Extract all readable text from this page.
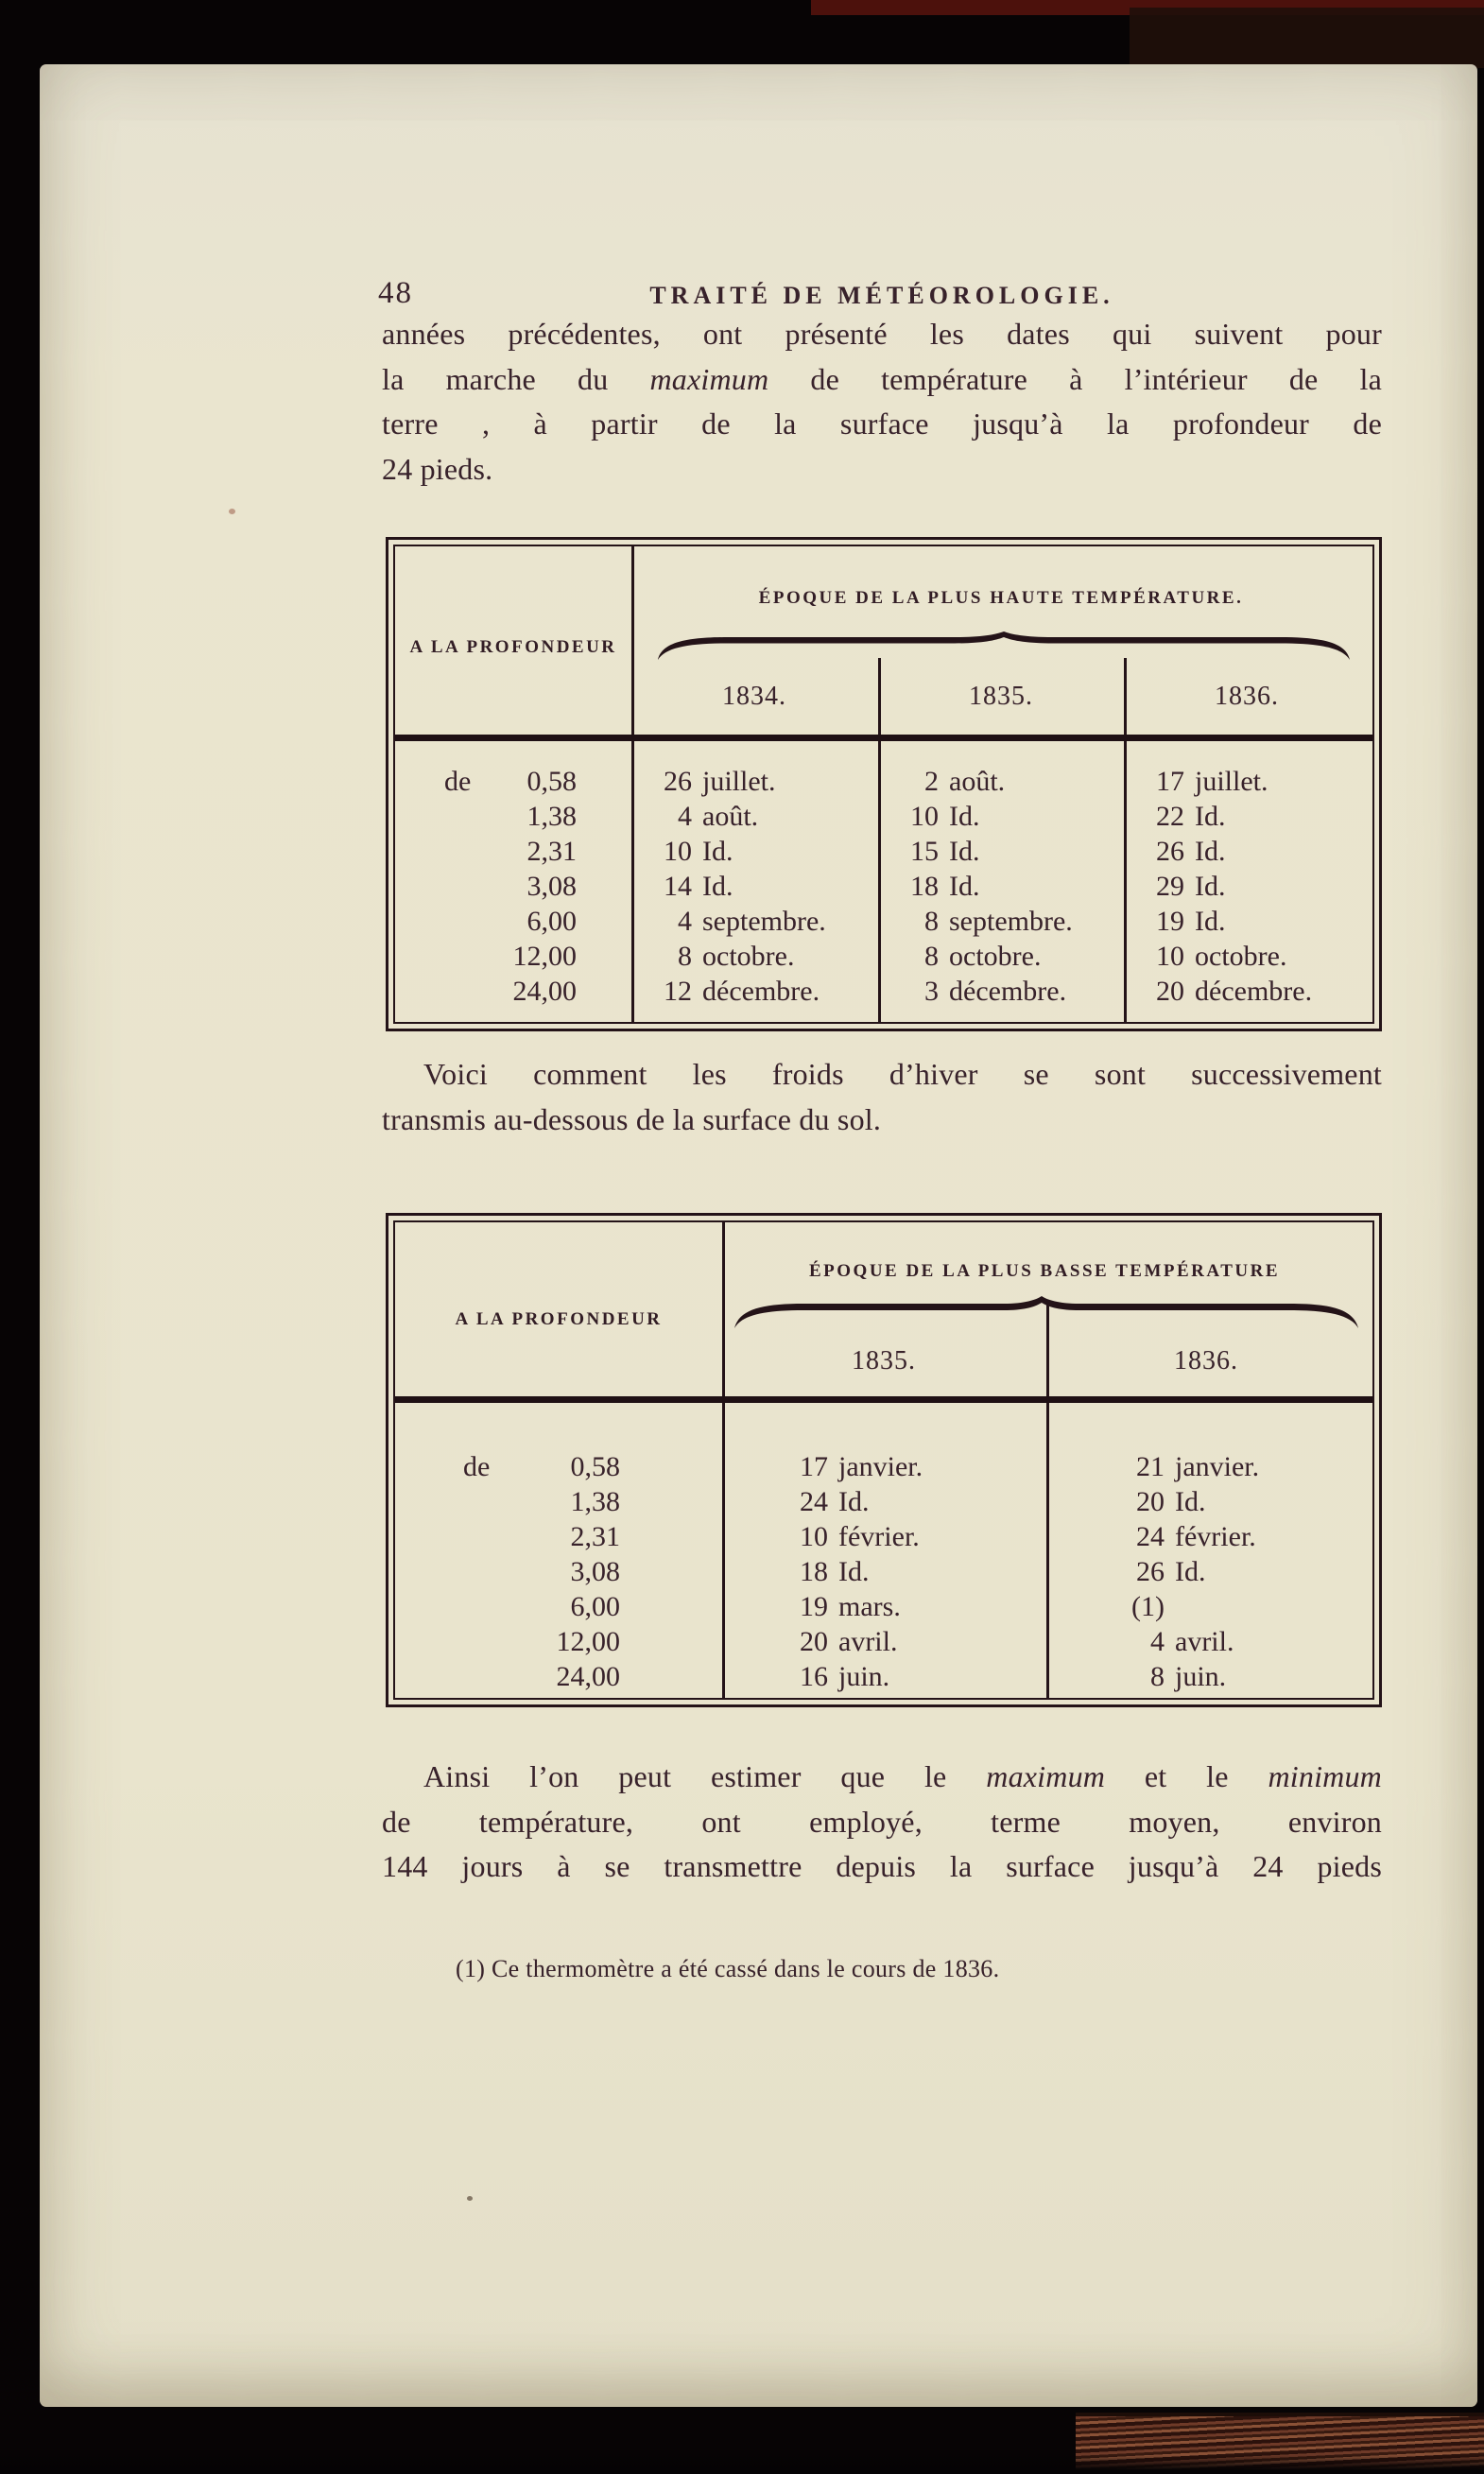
48	TRAITÉ DE MÉTÉOROLOGIE.
années précédentes, ont présenté les dates qui suivent pour
la marche du maximum de température à l’intérieur de la
terre , à partir de la surface jusqu’à la profondeur de
24 pieds.
A LA PROFONDEUR
ÉPOQUE DE LA PLUS HAUTE TEMPÉRATURE.
1834.	1835.	1836.
de	0,58	26 juillet.	2 août.	17 juillet.
1,38	4 août.	10 Id.	22 Id.
2,31	10 Id.	15 Id.	26 Id.
3,08	14 Id.	18 Id.	29 Id.
6,00	4 septembre.	8 septembre.	19 Id.
12,00	8 octobre.	8 octobre.	10 octobre.
24,00	12 décembre.	3 décembre.	20 décembre.
Voici comment les froids d’hiver se sont successivement
transmis au-dessous de la surface du sol.
A LA PROFONDEUR
ÉPOQUE DE LA PLUS BASSE TEMPÉRATURE
1835.	1836.
de	0,58	17 janvier.	21 janvier.
1,38	24 Id.	20 Id.
2,31	10 février.	24 février.
3,08	18 Id.	26 Id.
6,00	19 mars.	(1)
12,00	20 avril.	4 avril.
24,00	16 juin.	8 juin.
Ainsi l’on peut estimer que le maximum et le minimum
de température, ont employé, terme moyen, environ
144 jours à se transmettre depuis la surface jusqu’à 24 pieds
(1) Ce thermomètre a été cassé dans le cours de 1836.
